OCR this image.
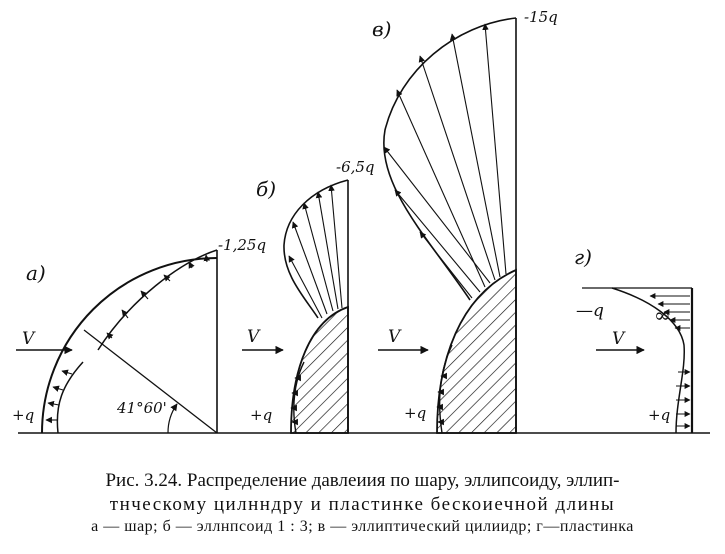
а)
V
+q
-1,25q
41°60'
б)
V
+q
-6,5q
в)
V
+q
-15q
г)
—q	∞
V
+q
Рис. 3.24. Распределение давлеиия по шару, эллипсоиду, эллип-
тнческому цилнндру и пластинке бескоиечной длины
а — шар; б — эллнпсоид 1 : 3; в — эллиптический цилиидр; г—пластинка
